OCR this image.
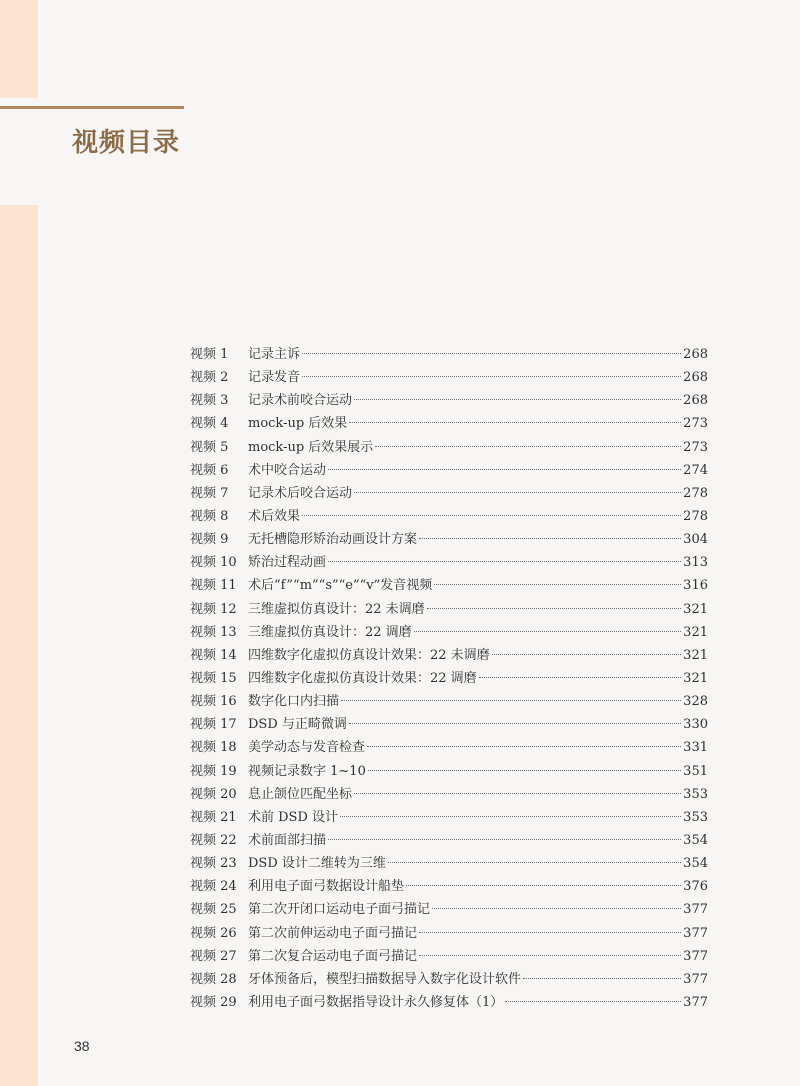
视频目录
视频 1	记录主诉	268
视频 2	记录发音	268
视频 3	记录术前咬合运动	268
视频 4	mock-up 后效果	273
视频 5	mock-up 后效果展示	273
视频 6	术中咬合运动	274
视频 7	记录术后咬合运动	278
视频 8	术后效果	278
视频 9	无托槽隐形矫治动画设计方案	304
视频 10 矫治过程动画	313
视频 11 术后“f”“m”“s”“e”“v”发音视频	316
视频 12 三维虚拟仿真设计：22 未调磨	321
视频 13 三维虚拟仿真设计：22 调磨	321
视频 14 四维数字化虚拟仿真设计效果：22 未调磨	321
视频 15 四维数字化虚拟仿真设计效果：22 调磨	321
视频 16 数字化口内扫描	328
视频 17 DSD 与正畸微调	330
视频 18 美学动态与发音检查	331
视频 19 视频记录数字 1~10	351
视频 20 息止颌位匹配坐标	353
视频 21 术前 DSD 设计	353
视频 22 术前面部扫描	354
视频 23 DSD 设计二维转为三维	354
视频 24 利用电子面弓数据设计船垫	376
视频 25 第二次开闭口运动电子面弓描记	377
视频 26 第二次前伸运动电子面弓描记	377
视频 27 第二次复合运动电子面弓描记	377
视频 28 牙体预备后，模型扫描数据导入数字化设计软件	377
视频 29 利用电子面弓数据指导设计永久修复体（1）	377
38
